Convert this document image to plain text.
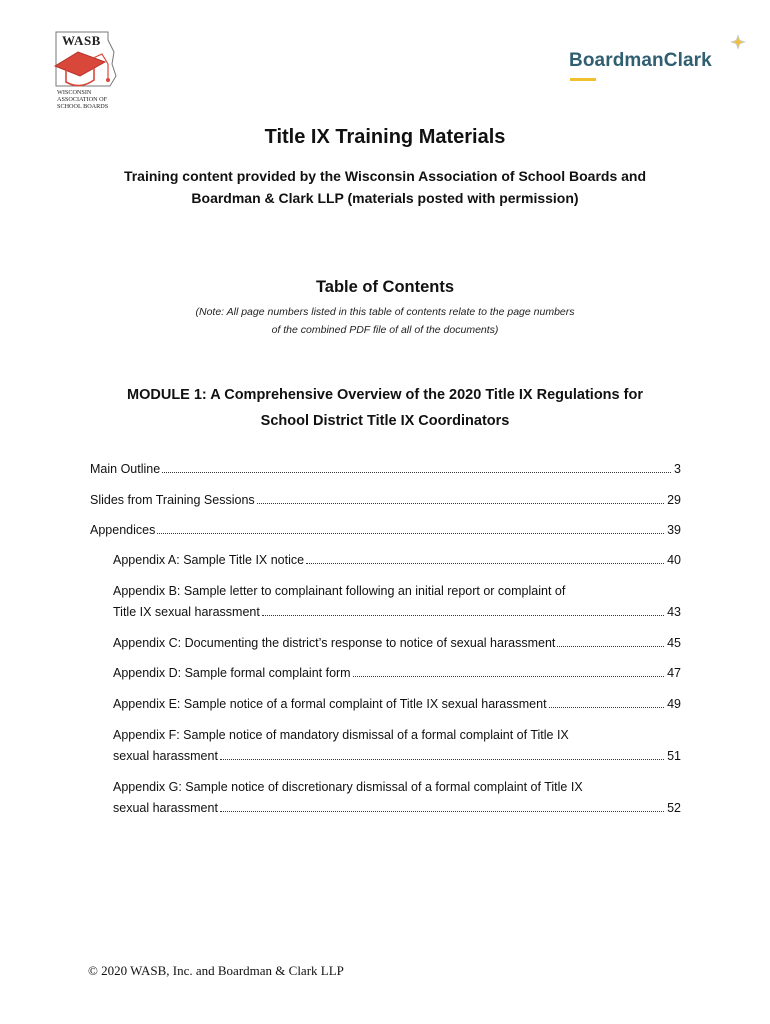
WASB
WISCONSIN
ASSOCIATION OF
SCHOOL BOARDS
BoardmanClark
Title IX Training Materials
Training content provided by the Wisconsin Association of School Boards and
Boardman & Clark LLP (materials posted with permission)
Table of Contents
(Note: All page numbers listed in this table of contents relate to the page numbers
of the combined PDF file of all of the documents)
MODULE 1: A Comprehensive Overview of the 2020 Title IX Regulations for
School District Title IX Coordinators
Main Outline	3
Slides from Training Sessions	29
Appendices	39
Appendix A: Sample Title IX notice	40
Appendix B: Sample letter to complainant following an initial report or complaint of
Title IX sexual harassment	43
Appendix C: Documenting the district’s response to notice of sexual harassment	45
Appendix D: Sample formal complaint form	47
Appendix E: Sample notice of a formal complaint of Title IX sexual harassment	49
Appendix F: Sample notice of mandatory dismissal of a formal complaint of Title IX
sexual harassment	51
Appendix G: Sample notice of discretionary dismissal of a formal complaint of Title IX
sexual harassment	52
© 2020 WASB, Inc. and Boardman & Clark LLP
